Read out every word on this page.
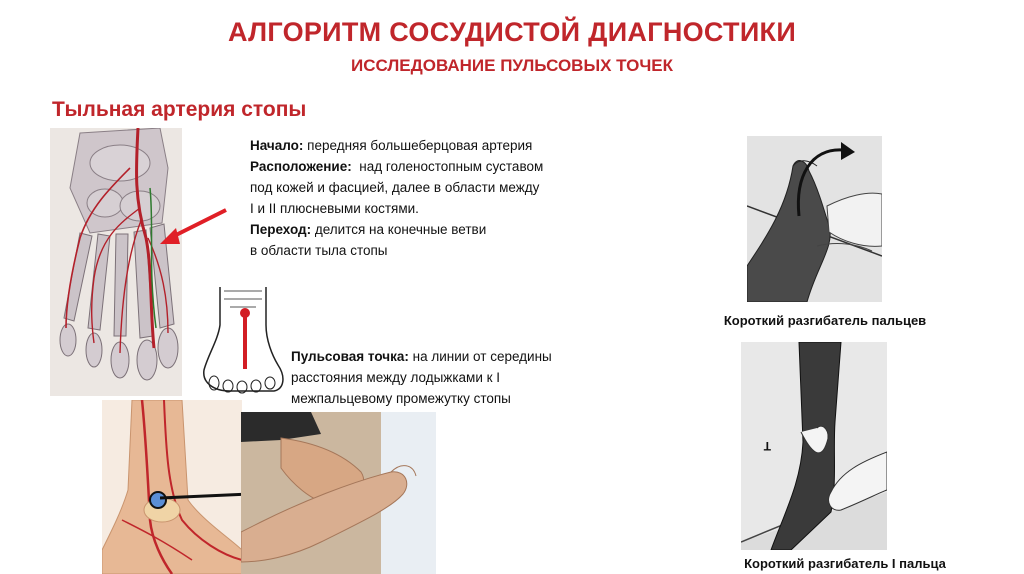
АЛГОРИТМ СОСУДИСТОЙ ДИАГНОСТИКИ
ИССЛЕДОВАНИЕ ПУЛЬСОВЫХ ТОЧЕК
Тыльная артерия стопы
Начало: передняя большеберцовая артерия
Расположение:  над голеностопным суставом
под кожей и фасцией, далее в области между
I и II плюсневыми костями.
Переход: делится на конечные ветви
в области тыла стопы
Пульсовая точка: на линии от середины
расстояния между лодыжками к I
межпальцевому промежутку стопы
Короткий разгибатель пальцев
T
Короткий разгибатель I пальца
